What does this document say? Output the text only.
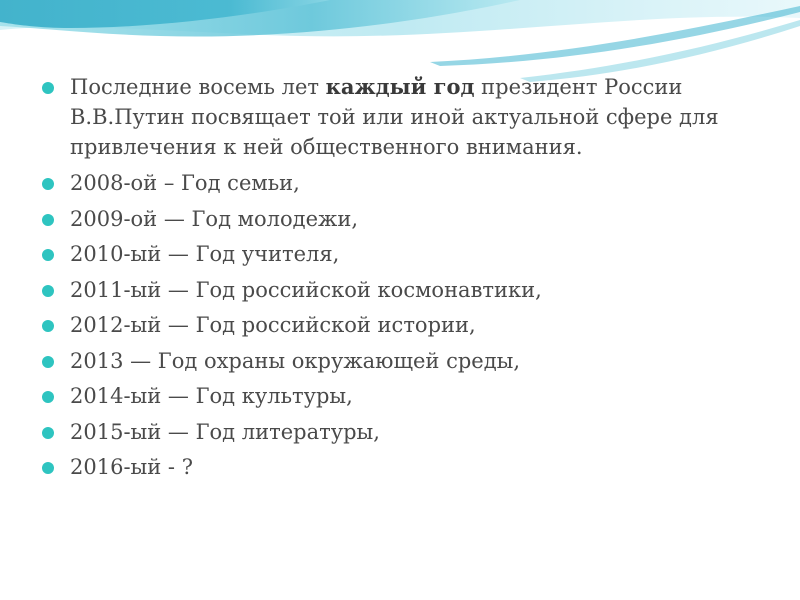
Последние восемь лет каждый год президент России В.В.Путин посвящает той или иной актуальной сфере для привлечения к ней общественного внимания.
2008-ой – Год семьи,
2009-ой — Год молодежи,
2010-ый — Год учителя,
2011-ый — Год российской космонавтики,
2012-ый — Год российской истории,
2013 — Год охраны окружающей среды,
2014-ый — Год культуры,
2015-ый — Год литературы,
2016-ый - ?
